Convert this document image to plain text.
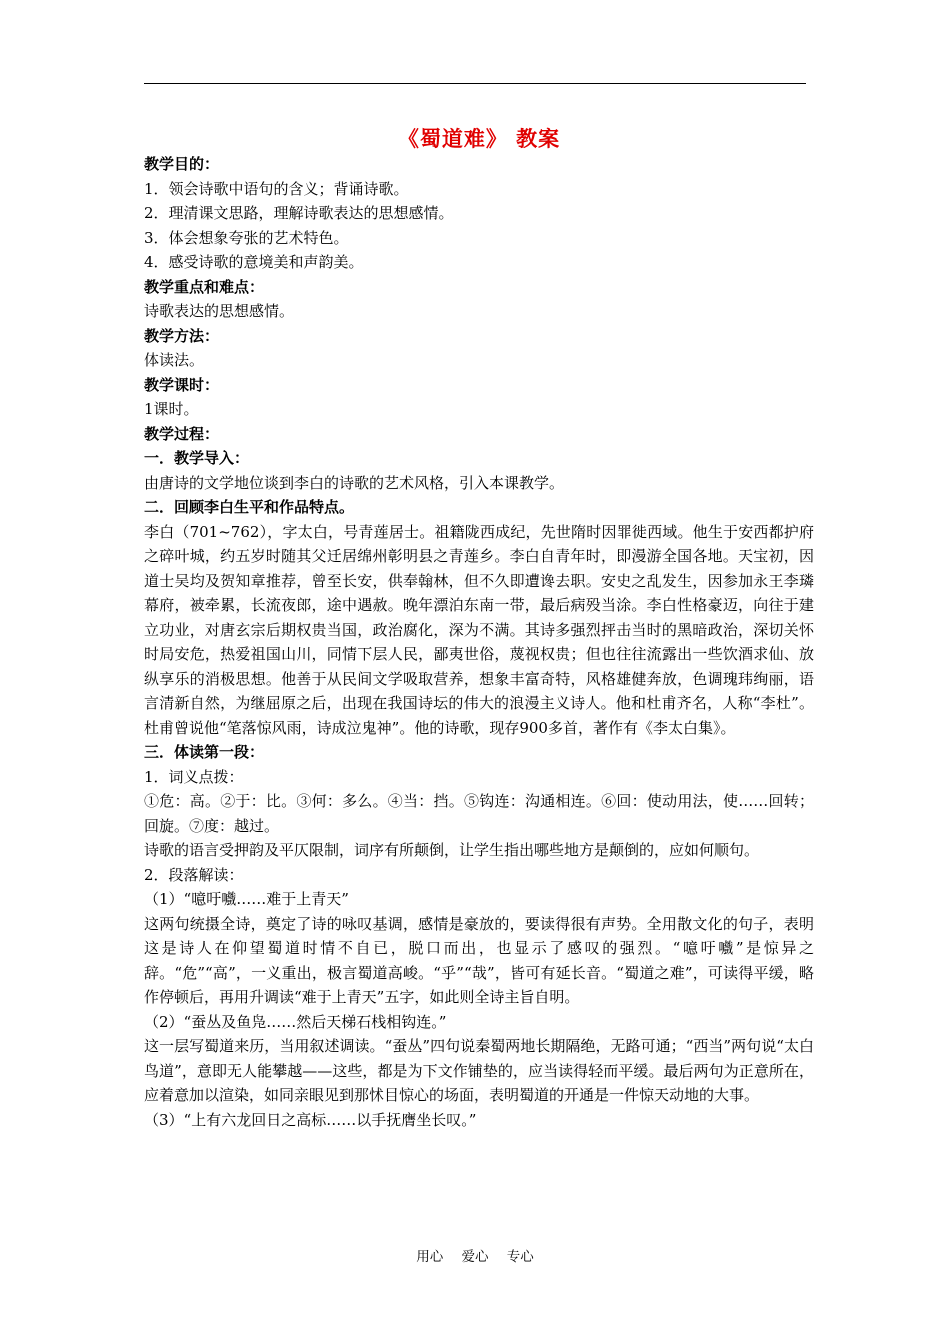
《蜀道难》 教案
教学目的：
1．领会诗歌中语句的含义；背诵诗歌。
2．理清课文思路，理解诗歌表达的思想感情。
3．体会想象夸张的艺术特色。
4．感受诗歌的意境美和声韵美。
教学重点和难点：
诗歌表达的思想感情。
教学方法：
体读法。
教学课时：
1课时。
教学过程：
一．教学导入：
由唐诗的文学地位谈到李白的诗歌的艺术风格，引入本课教学。
二．回顾李白生平和作品特点。
李白（701~762），字太白，号青莲居士。祖籍陇西成纪，先世隋时因罪徙西域。他生于安西都护府之碎叶城，约五岁时随其父迁居绵州彰明县之青莲乡。李白自青年时，即漫游全国各地。天宝初，因道士吴均及贺知章推荐，曾至长安，供奉翰林，但不久即遭谗去职。安史之乱发生，因参加永王李璘幕府，被牵累，长流夜郎，途中遇赦。晚年漂泊东南一带，最后病殁当涂。李白性格豪迈，向往于建立功业，对唐玄宗后期权贵当国，政治腐化，深为不满。其诗多强烈抨击当时的黑暗政治，深切关怀时局安危，热爱祖国山川，同情下层人民，鄙夷世俗，蔑视权贵；但也往往流露出一些饮酒求仙、放纵享乐的消极思想。他善于从民间文学吸取营养，想象丰富奇特，风格雄健奔放，色调瑰玮绚丽，语言清新自然，为继屈原之后，出现在我国诗坛的伟大的浪漫主义诗人。他和杜甫齐名，人称“李杜”。杜甫曾说他“笔落惊风雨，诗成泣鬼神”。他的诗歌，现存900多首，著作有《李太白集》。
三．体读第一段：
1．词义点拨：
①危：高。②于：比。③何：多么。④当：挡。⑤钩连：沟通相连。⑥回：使动用法，使……回转；回旋。⑦度：越过。
诗歌的语言受押韵及平仄限制，词序有所颠倒，让学生指出哪些地方是颠倒的，应如何顺句。
2．段落解读：
（1）“噫吁嚱……难于上青天”
这两句统摄全诗，奠定了诗的咏叹基调，感情是豪放的，要读得很有声势。全用散文化的句子，表明这是诗人在仰望蜀道时情不自已，脱口而出，也显示了感叹的强烈。“噫吁嚱”是惊异之辞。“危”“高”，一义重出，极言蜀道高峻。“乎”“哉”，皆可有延长音。“蜀道之难”，可读得平缓，略作停顿后，再用升调读“难于上青天”五字，如此则全诗主旨自明。
（2）“蚕丛及鱼凫……然后天梯石栈相钩连。”
这一层写蜀道来历，当用叙述调读。“蚕丛”四句说秦蜀两地长期隔绝，无路可通；“西当”两句说“太白鸟道”，意即无人能攀越——这些，都是为下文作铺垫的，应当读得轻而平缓。最后两句为正意所在，应着意加以渲染，如同亲眼见到那怵目惊心的场面，表明蜀道的开通是一件惊天动地的大事。
（3）“上有六龙回日之高标……以手抚膺坐长叹。”
用心 爱心 专心
